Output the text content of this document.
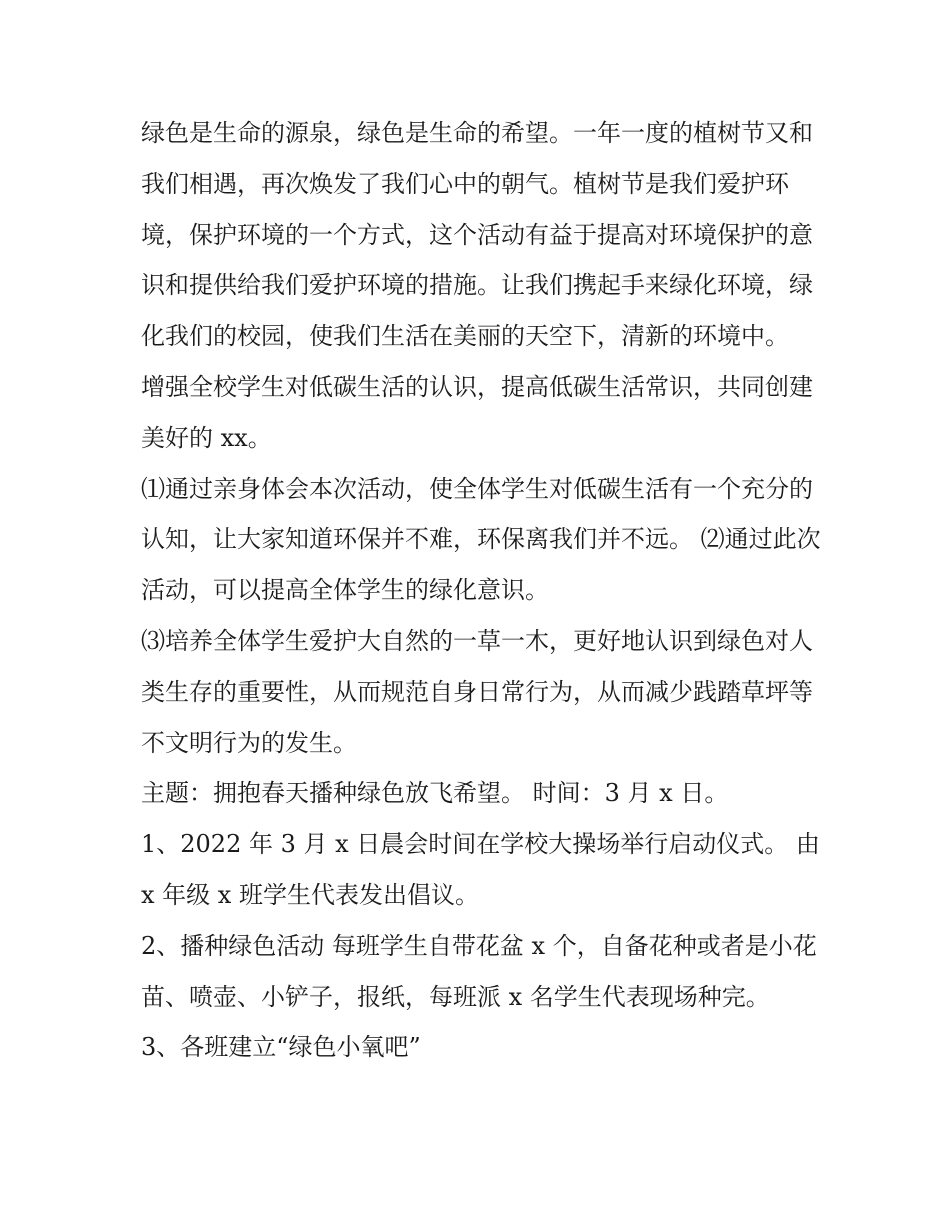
绿色是生命的源泉，绿色是生命的希望。一年一度的植树节又和我们相遇，再次焕发了我们心中的朝气。植树节是我们爱护环境，保护环境的一个方式，这个活动有益于提高对环境保护的意识和提供给我们爱护环境的措施。让我们携起手来绿化环境，绿化我们的校园，使我们生活在美丽的天空下，清新的环境中。

增强全校学生对低碳生活的认识，提高低碳生活常识，共同创建美好的 xx。

⑴通过亲身体会本次活动，使全体学生对低碳生活有一个充分的认知，让大家知道环保并不难，环保离我们并不远。 ⑵通过此次活动，可以提高全体学生的绿化意识。

⑶培养全体学生爱护大自然的一草一木，更好地认识到绿色对人类生存的重要性，从而规范自身日常行为，从而减少践踏草坪等不文明行为的发生。

主题：拥抱春天播种绿色放飞希望。 时间：3 月 x 日。

1、2022 年 3 月 x 日晨会时间在学校大操场举行启动仪式。 由x 年级 x 班学生代表发出倡议。

2、播种绿色活动 每班学生自带花盆 x 个，自备花种或者是小花苗、喷壶、小铲子，报纸，每班派 x 名学生代表现场种完。

3、各班建立“绿色小氧吧”
